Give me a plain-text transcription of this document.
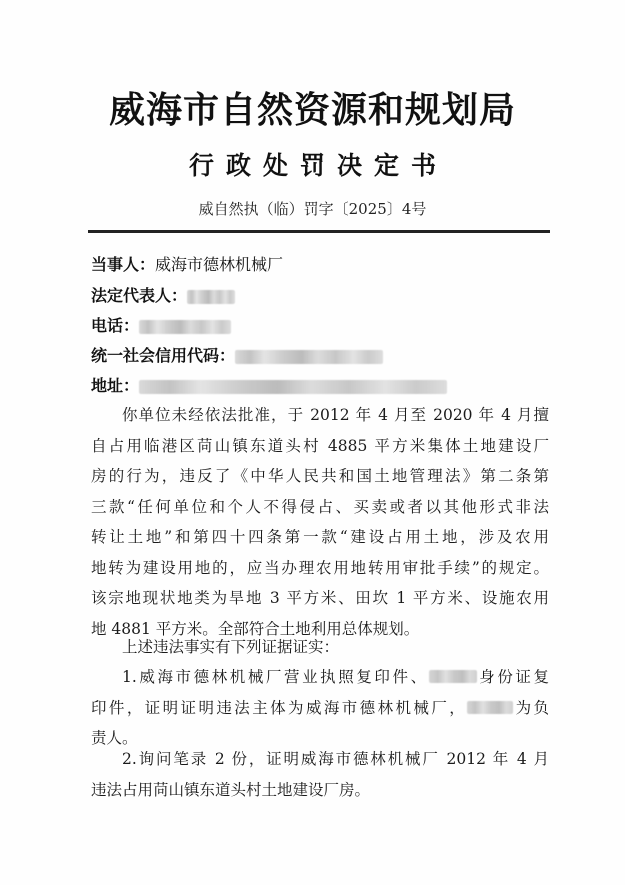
威海市自然资源和规划局
行政处罚决定书
威自然执（临）罚字〔2025〕4号
当事人：威海市德林机械厂
法定代表人：
电话：
统一社会信用代码：
地址：
你单位未经依法批准，于 2012 年 4 月至 2020 年 4 月擅
自占用临港区苘山镇东道头村 4885 平方米集体土地建设厂
房的行为，违反了《中华人民共和国土地管理法》第二条第
三款“任何单位和个人不得侵占、买卖或者以其他形式非法
转让土地”和第四十四条第一款“建设占用土地，涉及农用
地转为建设用地的，应当办理农用地转用审批手续”的规定。
该宗地现状地类为旱地 3 平方米、田坎 1 平方米、设施农用
地 4881 平方米。全部符合土地利用总体规划。
上述违法事实有下列证据证实：
1.威海市德林机械厂营业执照复印件、	身份证复
印件，证明证明违法主体为威海市德林机械厂，	为负
责人。
2.询问笔录 2 份，证明威海市德林机械厂 2012 年 4 月
违法占用苘山镇东道头村土地建设厂房。
